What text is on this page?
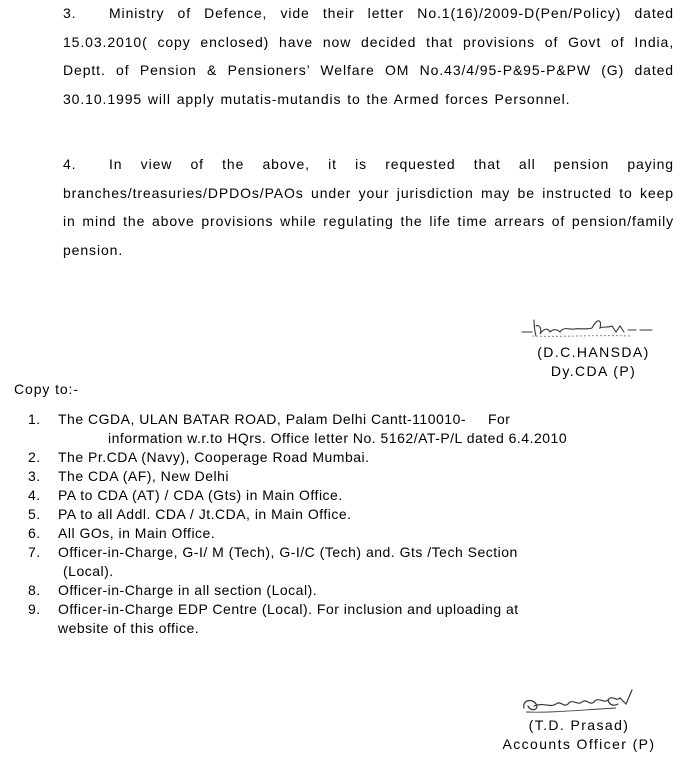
3. Ministry of Defence, vide their letter No.1(16)/2009-D(Pen/Policy) dated 15.03.2010( copy enclosed) have now decided that provisions of Govt of India, Deptt. of Pension & Pensioners’ Welfare OM No.43/4/95-P&95-P&PW (G) dated 30.10.1995 will apply mutatis-mutandis to the Armed forces Personnel.

4. In view of the above, it is requested that all pension paying branches/treasuries/DPDOs/PAOs under your jurisdiction may be instructed to keep in mind the above provisions while regulating the life time arrears of pension/family pension.

(D.C.HANSDA)
Dy.CDA (P)
Copy to:-
1. The CGDA, ULAN BATAR ROAD, Palam Delhi Cantt-110010-     For
information w.r.to HQrs. Office letter No. 5162/AT-P/L dated 6.4.2010
2. The Pr.CDA (Navy), Cooperage Road Mumbai.
3. The CDA (AF), New Delhi
4. PA to CDA (AT) / CDA (Gts) in Main Office.
5. PA to all Addl. CDA / Jt.CDA, in Main Office.
6. All GOs, in Main Office.
7. Officer-in-Charge, G-I/ M (Tech), G-I/C (Tech) and. Gts /Tech Section
(Local).
8. Officer-in-Charge in all section (Local).
9. Officer-in-Charge EDP Centre (Local). For inclusion and uploading at
website of this office.
(T.D. Prasad)
Accounts Officer (P)
